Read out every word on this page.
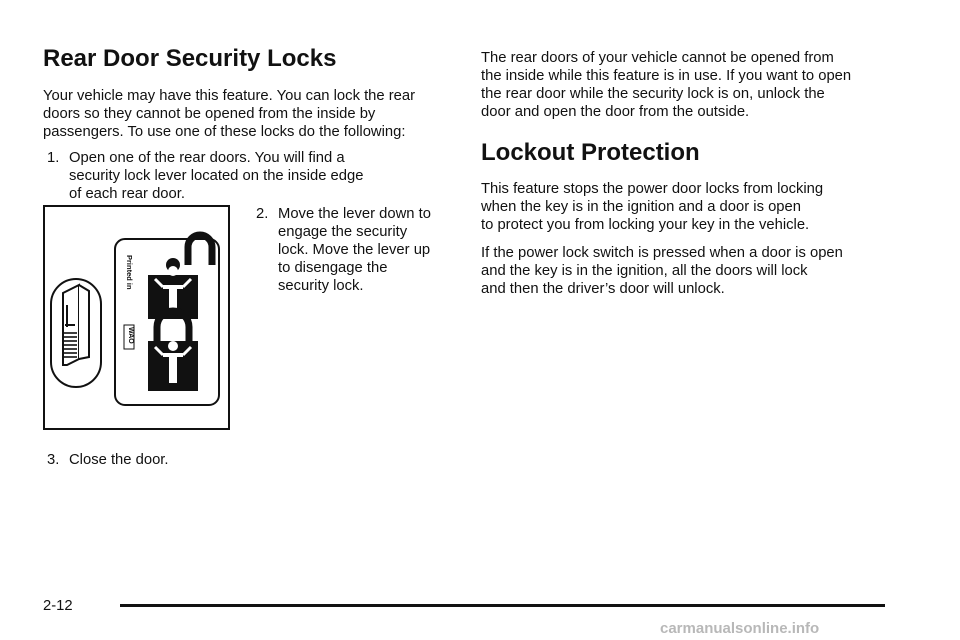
Rear Door Security Locks
Your vehicle may have this feature. You can lock the rear
doors so they cannot be opened from the inside by
passengers. To use one of these locks do the following:
1. Open one of the rear doors. You will find a
security lock lever located on the inside edge
of each rear door.
Printed in
WAO
2. Move the lever down to
engage the security
lock. Move the lever up
to disengage the
security lock.
3. Close the door.
The rear doors of your vehicle cannot be opened from
the inside while this feature is in use. If you want to open
the rear door while the security lock is on, unlock the
door and open the door from the outside.
Lockout Protection
This feature stops the power door locks from locking
when the key is in the ignition and a door is open
to protect you from locking your key in the vehicle.
If the power lock switch is pressed when a door is open
and the key is in the ignition, all the doors will lock
and then the driver’s door will unlock.
2-12
carmanualsonline.info
